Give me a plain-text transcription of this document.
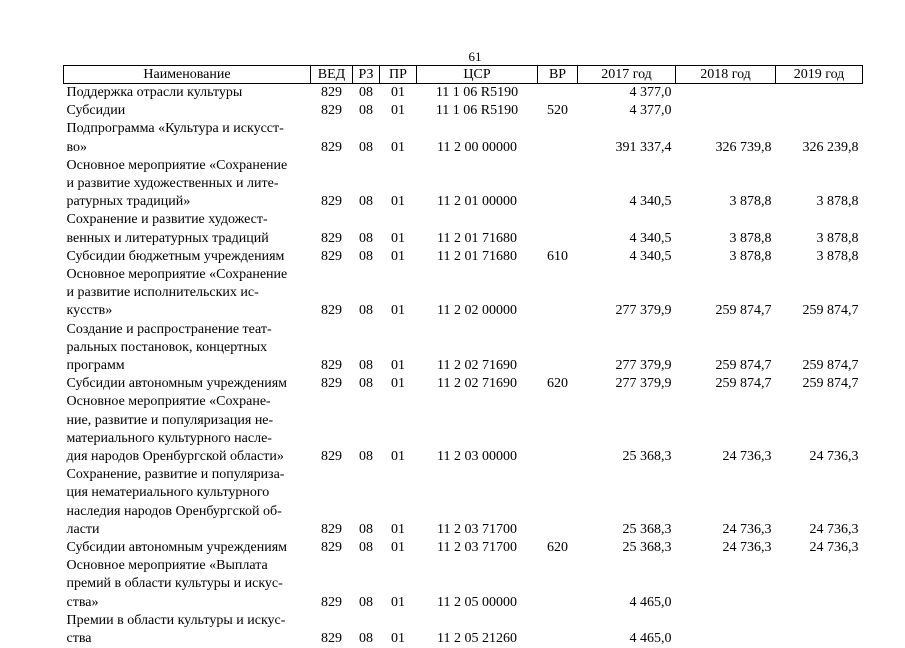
61
Наименование	ВЕД	РЗ	ПР	ЦСР	ВР	2017 год	2018 год	2019 год

Поддержка отрасли культуры	829	08	01	11 1 06 R5190		4 377,0		

Субсидии	829	08	01	11 1 06 R5190	520	4 377,0		

Подпрограмма «Культура и искусст-
во»	829	08	01	11 2 00 00000		391 337,4	326 739,8	326 239,8

Основное мероприятие «Сохранение
и развитие художественных и лите-
ратурных традиций»	829	08	01	11 2 01 00000		4 340,5	3 878,8	3 878,8

Сохранение и развитие художест-
венных и литературных традиций	829	08	01	11 2 01 71680		4 340,5	3 878,8	3 878,8

Субсидии бюджетным учреждениям	829	08	01	11 2 01 71680	610	4 340,5	3 878,8	3 878,8

Основное мероприятие «Сохранение
и развитие исполнительских ис-
кусств»	829	08	01	11 2 02 00000		277 379,9	259 874,7	259 874,7

Создание и распространение теат-
ральных постановок, концертных
программ	829	08	01	11 2 02 71690		277 379,9	259 874,7	259 874,7

Субсидии автономным учреждениям	829	08	01	11 2 02 71690	620	277 379,9	259 874,7	259 874,7

Основное мероприятие «Сохране-
ние, развитие и популяризация не-
материального культурного насле-
дия народов Оренбургской области»	829	08	01	11 2 03 00000		25 368,3	24 736,3	24 736,3

Сохранение, развитие и популяриза-
ция нематериального культурного
наследия народов Оренбургской об-
ласти	829	08	01	11 2 03 71700		25 368,3	24 736,3	24 736,3

Субсидии автономным учреждениям	829	08	01	11 2 03 71700	620	25 368,3	24 736,3	24 736,3

Основное мероприятие «Выплата
премий в области культуры и искус-
ства»	829	08	01	11 2 05 00000		4 465,0		

Премии в области культуры и искус-
ства	829	08	01	11 2 05 21260		4 465,0		
